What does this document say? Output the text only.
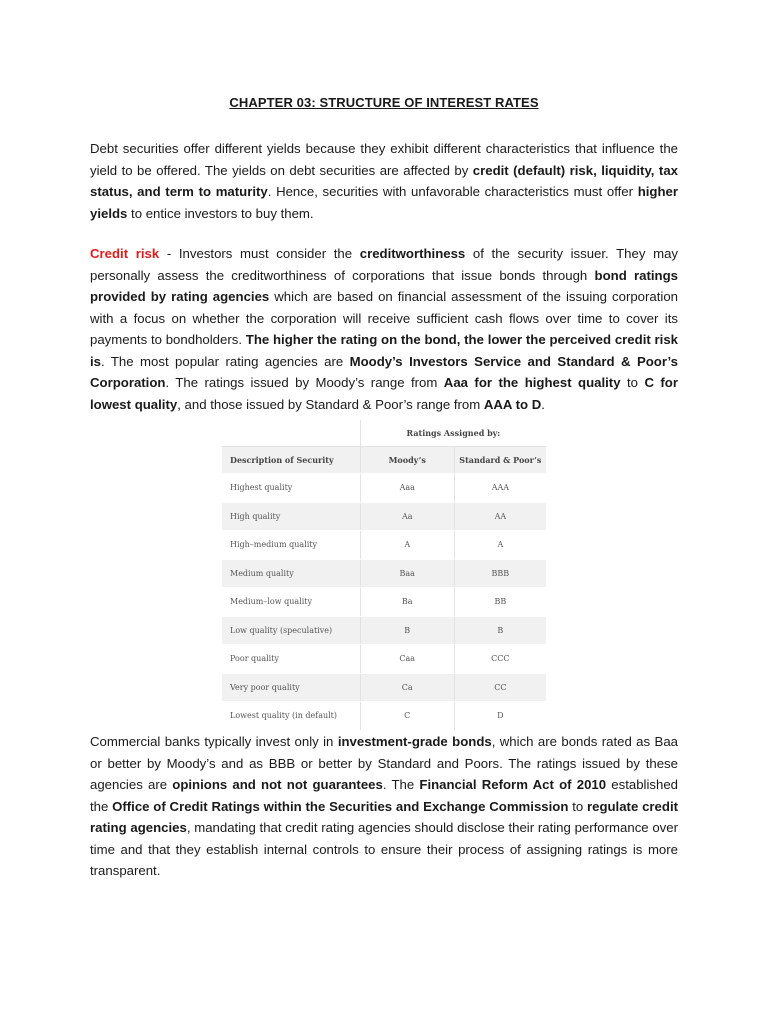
CHAPTER 03: STRUCTURE OF INTEREST RATES
Debt securities offer different yields because they exhibit different characteristics that influence the yield to be offered. The yields on debt securities are affected by credit (default) risk, liquidity, tax status, and term to maturity. Hence, securities with unfavorable characteristics must offer higher yields to entice investors to buy them.
Credit risk - Investors must consider the creditworthiness of the security issuer. They may personally assess the creditworthiness of corporations that issue bonds through bond ratings provided by rating agencies which are based on financial assessment of the issuing corporation with a focus on whether the corporation will receive sufficient cash flows over time to cover its payments to bondholders. The higher the rating on the bond, the lower the perceived credit risk is. The most popular rating agencies are Moody’s Investors Service and Standard & Poor’s Corporation. The ratings issued by Moody’s range from Aaa for the highest quality to C for lowest quality, and those issued by Standard & Poor’s range from AAA to D.
	Ratings Assigned by:	
Description of Security	Moody’s	Standard & Poor’s
Highest quality	Aaa	AAA
High quality	Aa	AA
High–medium quality	A	A
Medium quality	Baa	BBB
Medium–low quality	Ba	BB
Low quality (speculative)	B	B
Poor quality	Caa	CCC
Very poor quality	Ca	CC
Lowest quality (in default)	C	D
Commercial banks typically invest only in investment-grade bonds, which are bonds rated as Baa or better by Moody’s and as BBB or better by Standard and Poors. The ratings issued by these agencies are opinions and not not guarantees. The Financial Reform Act of 2010 established the Office of Credit Ratings within the Securities and Exchange Commission to regulate credit rating agencies, mandating that credit rating agencies should disclose their rating performance over time and that they establish internal controls to ensure their process of assigning ratings is more transparent.
